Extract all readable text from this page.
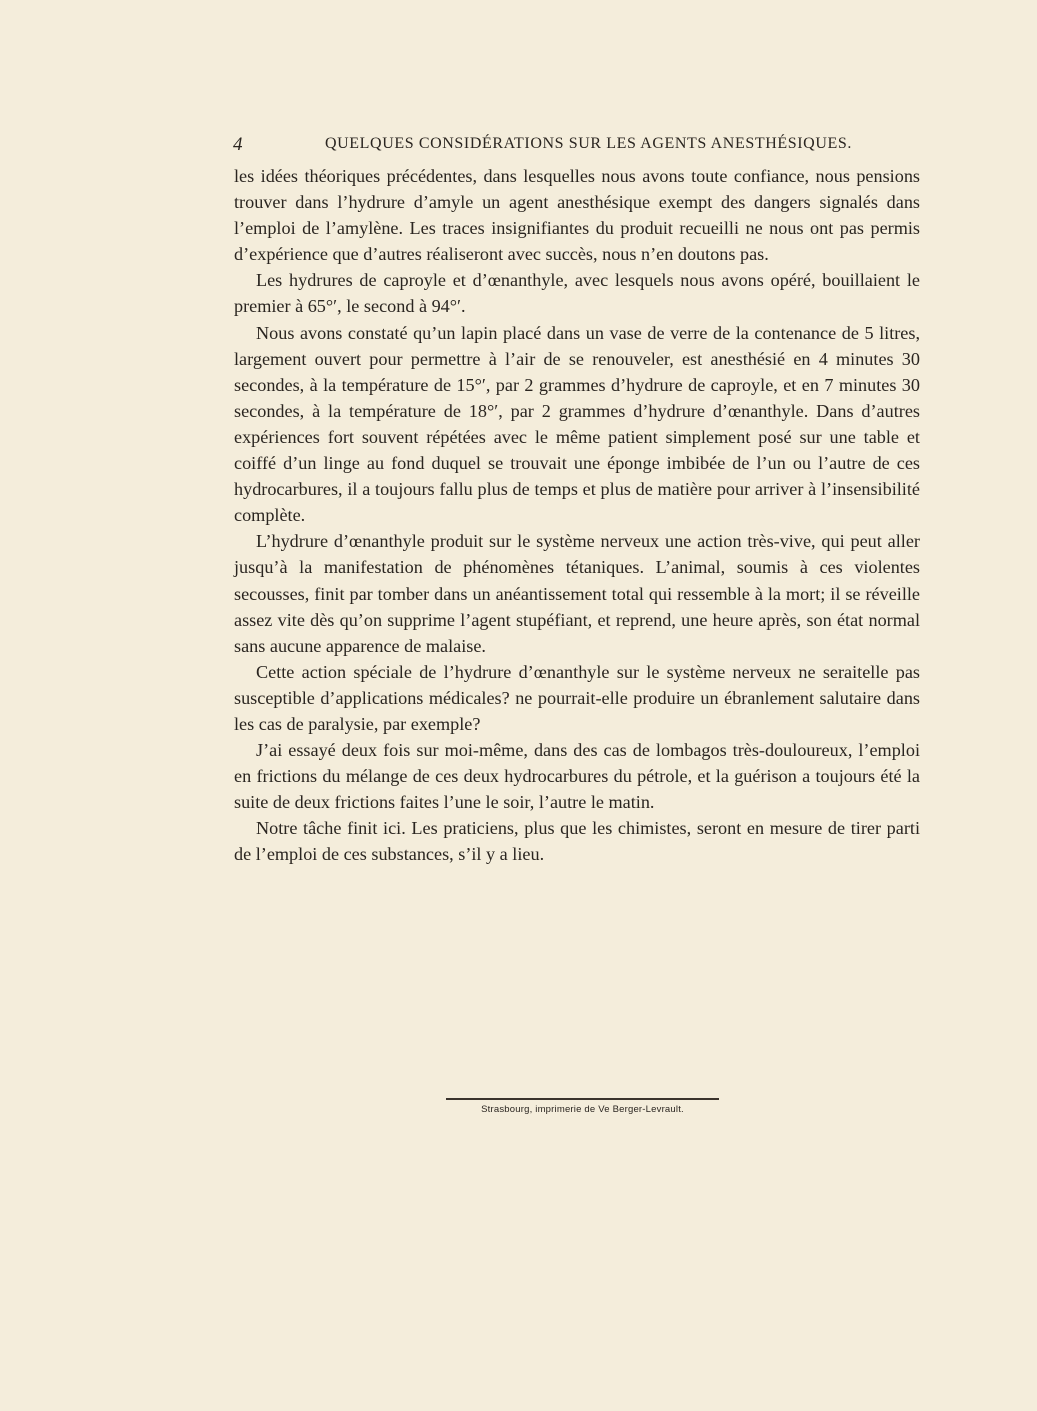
4	QUELQUES CONSIDÉRATIONS SUR LES AGENTS ANESTHÉSIQUES.

les idées théoriques précédentes, dans lesquelles nous avons toute confiance, nous pensions trouver dans l’hydrure d’amyle un agent anesthésique exempt des dangers signalés dans l’emploi de l’amylène. Les traces insignifiantes du produit recueilli ne nous ont pas permis d’expérience que d’autres réaliseront avec succès, nous n’en doutons pas.

Les hydrures de caproyle et d’œnanthyle, avec lesquels nous avons opéré, bouillaient le premier à 65°′, le second à 94°′.

Nous avons constaté qu’un lapin placé dans un vase de verre de la contenance de 5 litres, largement ouvert pour permettre à l’air de se renouveler, est anesthésié en 4 minutes 30 secondes, à la température de 15°′, par 2 grammes d’hydrure de caproyle, et en 7 minutes 30 secondes, à la température de 18°′, par 2 grammes d’hydrure d’œnanthyle. Dans d’autres expériences fort souvent répétées avec le même patient simplement posé sur une table et coiffé d’un linge au fond duquel se trouvait une éponge imbibée de l’un ou l’autre de ces hydrocarbures, il a toujours fallu plus de temps et plus de matière pour arriver à l’insensibilité complète.

L’hydrure d’œnanthyle produit sur le système nerveux une action très-vive, qui peut aller jusqu’à la manifestation de phénomènes tétaniques. L’animal, soumis à ces violentes secousses, finit par tomber dans un anéantissement total qui ressemble à la mort; il se réveille assez vite dès qu’on supprime l’agent stupéfiant, et reprend, une heure après, son état normal sans aucune apparence de malaise.

Cette action spéciale de l’hydrure d’œnanthyle sur le système nerveux ne seraitelle pas susceptible d’applications médicales? ne pourrait-elle produire un ébranlement salutaire dans les cas de paralysie, par exemple?

J’ai essayé deux fois sur moi-même, dans des cas de lombagos très-douloureux, l’emploi en frictions du mélange de ces deux hydrocarbures du pétrole, et la guérison a toujours été la suite de deux frictions faites l’une le soir, l’autre le matin.

Notre tâche finit ici. Les praticiens, plus que les chimistes, seront en mesure de tirer parti de l’emploi de ces substances, s’il y a lieu.

Strasbourg, imprimerie de Ve Berger-Levrault.
